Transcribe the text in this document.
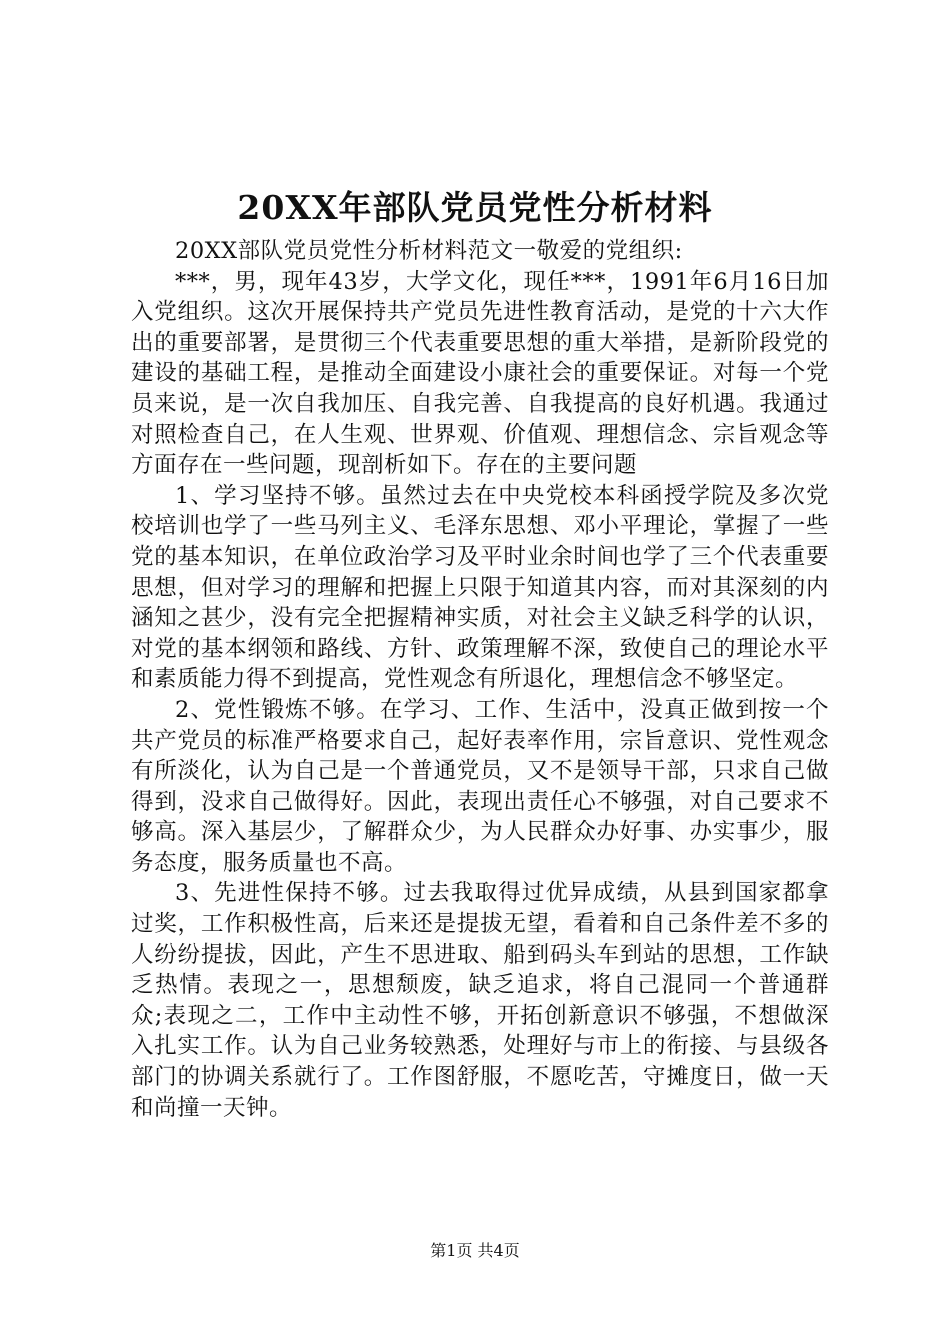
20XX年部队党员党性分析材料

20XX部队党员党性分析材料范文一敬爱的党组织:

***，男，现年43岁，大学文化，现任***，1991年6月16日加入党组织。这次开展保持共产党员先进性教育活动，是党的十六大作出的重要部署，是贯彻三个代表重要思想的重大举措，是新阶段党的建设的基础工程，是推动全面建设小康社会的重要保证。对每一个党员来说，是一次自我加压、自我完善、自我提高的良好机遇。我通过对照检查自己，在人生观、世界观、价值观、理想信念、宗旨观念等方面存在一些问题，现剖析如下。存在的主要问题

1、学习坚持不够。虽然过去在中央党校本科函授学院及多次党校培训也学了一些马列主义、毛泽东思想、邓小平理论，掌握了一些党的基本知识，在单位政治学习及平时业余时间也学了三个代表重要思想，但对学习的理解和把握上只限于知道其内容，而对其深刻的内涵知之甚少，没有完全把握精神实质，对社会主义缺乏科学的认识，对党的基本纲领和路线、方针、政策理解不深，致使自己的理论水平和素质能力得不到提高，党性观念有所退化，理想信念不够坚定。

2、党性锻炼不够。在学习、工作、生活中，没真正做到按一个共产党员的标准严格要求自己，起好表率作用，宗旨意识、党性观念有所淡化，认为自己是一个普通党员，又不是领导干部，只求自己做得到，没求自己做得好。因此，表现出责任心不够强，对自己要求不够高。深入基层少，了解群众少，为人民群众办好事、办实事少，服务态度，服务质量也不高。

3、先进性保持不够。过去我取得过优异成绩，从县到国家都拿过奖，工作积极性高，后来还是提拔无望，看着和自己条件差不多的人纷纷提拔，因此，产生不思进取、船到码头车到站的思想，工作缺乏热情。表现之一，思想颓废，缺乏追求，将自己混同一个普通群众;表现之二，工作中主动性不够，开拓创新意识不够强，不想做深入扎实工作。认为自己业务较熟悉，处理好与市上的衔接、与县级各部门的协调关系就行了。工作图舒服，不愿吃苦，守摊度日，做一天和尚撞一天钟。

第1页 共4页
